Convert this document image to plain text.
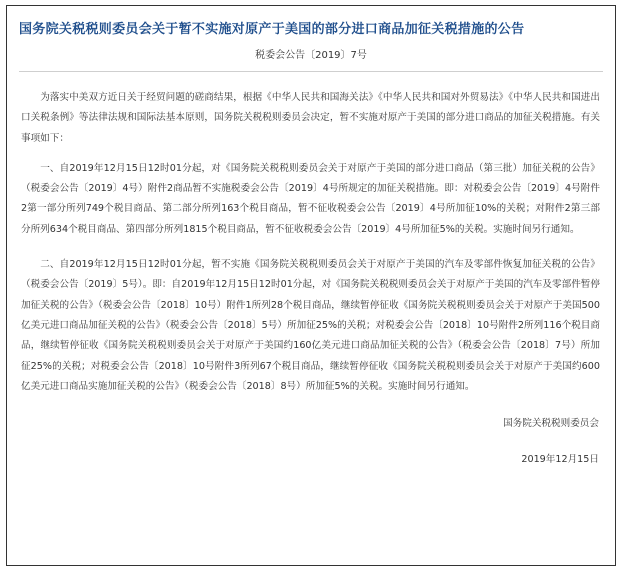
国务院关税税则委员会关于暂不实施对原产于美国的部分进口商品加征关税措施的公告
税委会公告〔2019〕7号

为落实中美双方近日关于经贸问题的磋商结果，根据《中华人民共和国海关法》《中华人民共和国对外贸易法》《中华人民共和国进出口关税条例》等法律法规和国际法基本原则，国务院关税税则委员会决定，暂不实施对原产于美国的部分进口商品的加征关税措施。有关事项如下：

一、自2019年12月15日12时01分起，对《国务院关税税则委员会关于对原产于美国的部分进口商品（第三批）加征关税的公告》（税委会公告〔2019〕4号）附件2商品暂不实施税委会公告〔2019〕4号所规定的加征关税措施。即：对税委会公告〔2019〕4号附件2第一部分所列749个税目商品、第二部分所列163个税目商品，暂不征收税委会公告〔2019〕4号所加征10%的关税；对附件2第三部分所列634个税目商品、第四部分所列1815个税目商品，暂不征收税委会公告〔2019〕4号所加征5%的关税。实施时间另行通知。

二、自2019年12月15日12时01分起，暂不实施《国务院关税税则委员会关于对原产于美国的汽车及零部件恢复加征关税的公告》（税委会公告〔2019〕5号）。即：自2019年12月15日12时01分起，对《国务院关税税则委员会关于对原产于美国的汽车及零部件暂停加征关税的公告》（税委会公告〔2018〕10号）附件1所列28个税目商品，继续暂停征收《国务院关税税则委员会关于对原产于美国500亿美元进口商品加征关税的公告》（税委会公告〔2018〕5号）所加征25%的关税；对税委会公告〔2018〕10号附件2所列116个税目商品，继续暂停征收《国务院关税税则委员会关于对原产于美国约160亿美元进口商品加征关税的公告》（税委会公告〔2018〕7号）所加征25%的关税；对税委会公告〔2018〕10号附件3所列67个税目商品，继续暂停征收《国务院关税税则委员会关于对原产于美国约600亿美元进口商品实施加征关税的公告》（税委会公告〔2018〕8号）所加征5%的关税。实施时间另行通知。

国务院关税税则委员会
2019年12月15日
